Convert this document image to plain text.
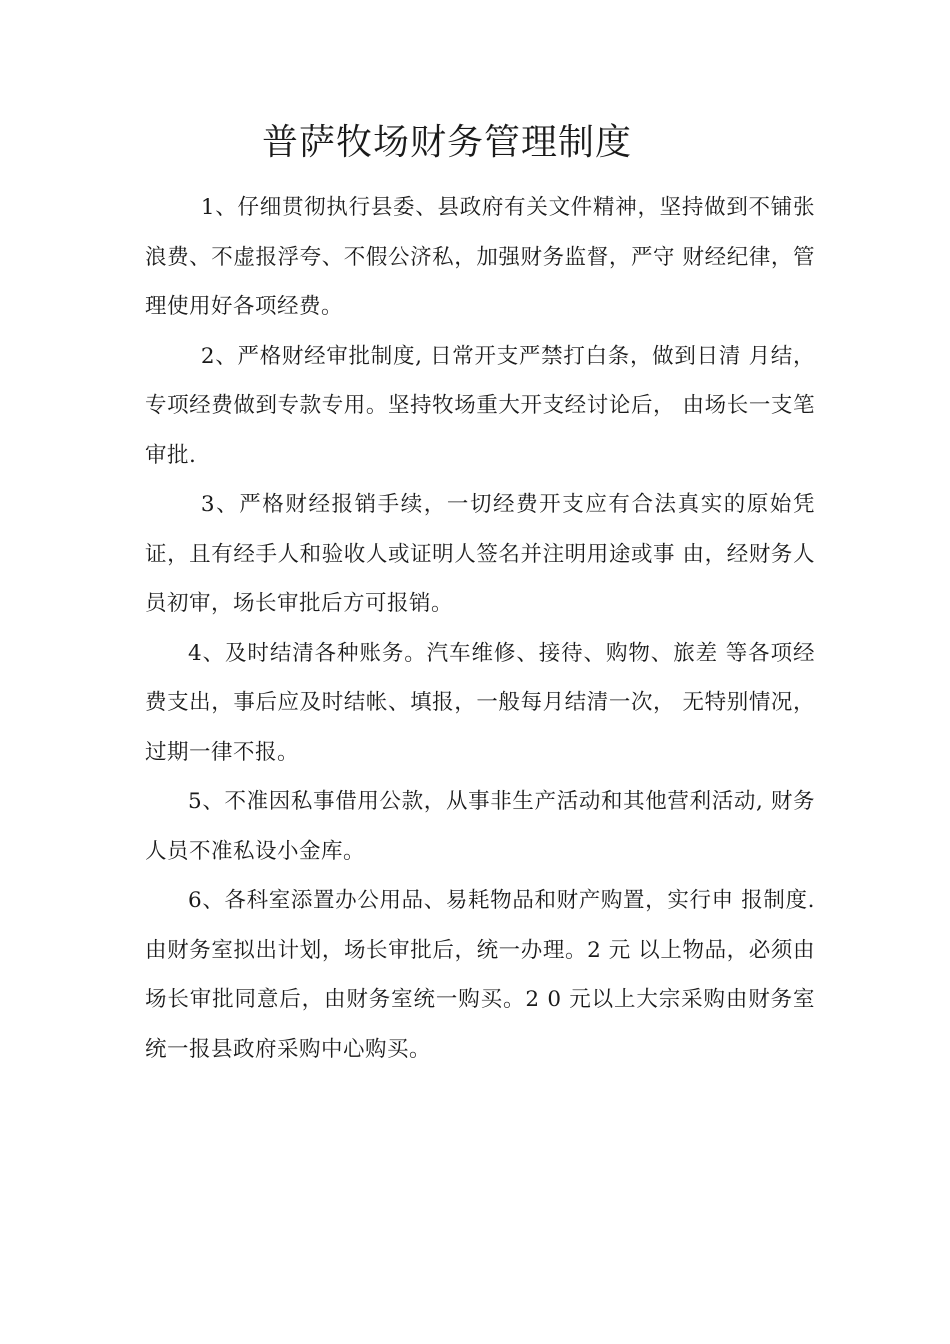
普萨牧场财务管理制度

1、仔细贯彻执行县委、县政府有关文件精神，坚持做到不铺张浪费、不虚报浮夸、不假公济私，加强财务监督，严守 财经纪律，管理使用好各项经费。

2、严格财经审批制度, 日常开支严禁打白条，做到日清 月结，专项经费做到专款专用。坚持牧场重大开支经讨论后， 由场长一支笔审批.

3、严格财经报销手续，一切经费开支应有合法真实的原始凭证，且有经手人和验收人或证明人签名并注明用途或事 由，经财务人员初审，场长审批后方可报销。

4、及时结清各种账务。汽车维修、接待、购物、旅差 等各项经费支出，事后应及时结帐、填报，一般每月结清一次， 无特别情况，过期一律不报。

5、不准因私事借用公款，从事非生产活动和其他营利活动, 财务人员不准私设小金库。

6、各科室添置办公用品、易耗物品和财产购置，实行申 报制度. 由财务室拟出计划，场长审批后，统一办理。2 元 以上物品，必须由场长审批同意后，由财务室统一购买。2 0 元以上大宗采购由财务室统一报县政府采购中心购买。
